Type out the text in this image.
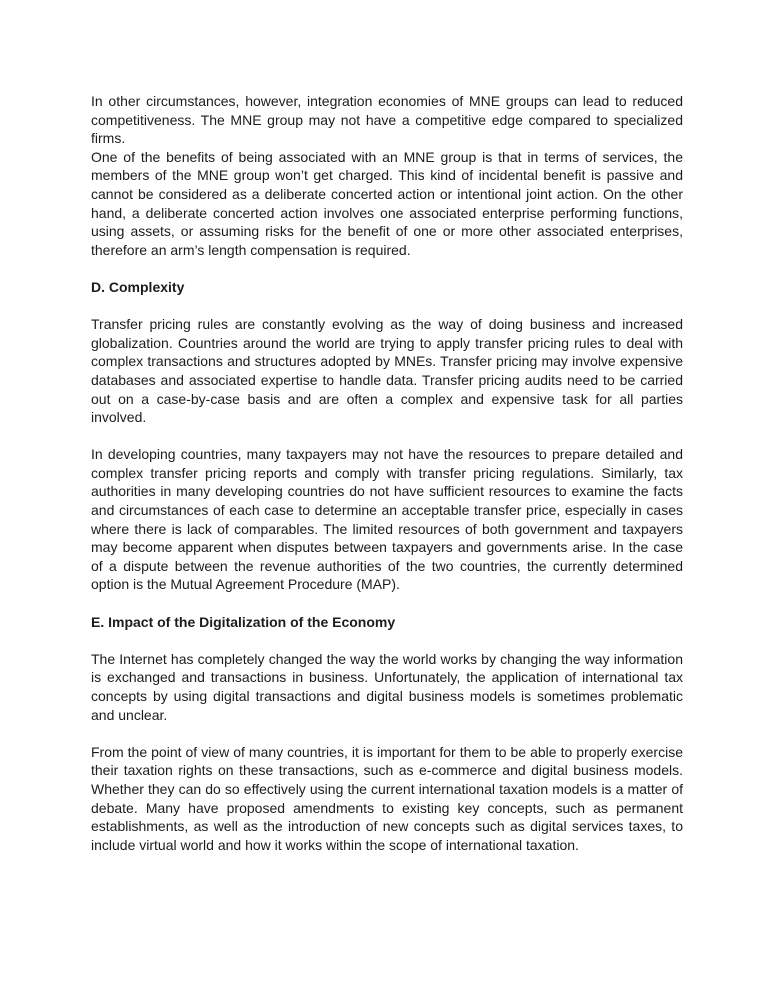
In other circumstances, however, integration economies of MNE groups can lead to reduced competitiveness. The MNE group may not have a competitive edge compared to specialized firms.
One of the benefits of being associated with an MNE group is that in terms of services, the members of the MNE group won’t get charged. This kind of incidental benefit is passive and cannot be considered as a deliberate concerted action or intentional joint action. On the other hand, a deliberate concerted action involves one associated enterprise performing functions, using assets, or assuming risks for the benefit of one or more other associated enterprises, therefore an arm’s length compensation is required.
D. Complexity
Transfer pricing rules are constantly evolving as the way of doing business and increased globalization. Countries around the world are trying to apply transfer pricing rules to deal with complex transactions and structures adopted by MNEs. Transfer pricing may involve expensive databases and associated expertise to handle data. Transfer pricing audits need to be carried out on a case-by-case basis and are often a complex and expensive task for all parties involved.
In developing countries, many taxpayers may not have the resources to prepare detailed and complex transfer pricing reports and comply with transfer pricing regulations. Similarly, tax authorities in many developing countries do not have sufficient resources to examine the facts and circumstances of each case to determine an acceptable transfer price, especially in cases where there is lack of comparables. The limited resources of both government and taxpayers may become apparent when disputes between taxpayers and governments arise. In the case of a dispute between the revenue authorities of the two countries, the currently determined option is the Mutual Agreement Procedure (MAP).
E. Impact of the Digitalization of the Economy
The Internet has completely changed the way the world works by changing the way information is exchanged and transactions in business. Unfortunately, the application of international tax concepts by using digital transactions and digital business models is sometimes problematic and unclear.
From the point of view of many countries, it is important for them to be able to properly exercise their taxation rights on these transactions, such as e-commerce and digital business models. Whether they can do so effectively using the current international taxation models is a matter of debate. Many have proposed amendments to existing key concepts, such as permanent establishments, as well as the introduction of new concepts such as digital services taxes, to include virtual world and how it works within the scope of international taxation.
